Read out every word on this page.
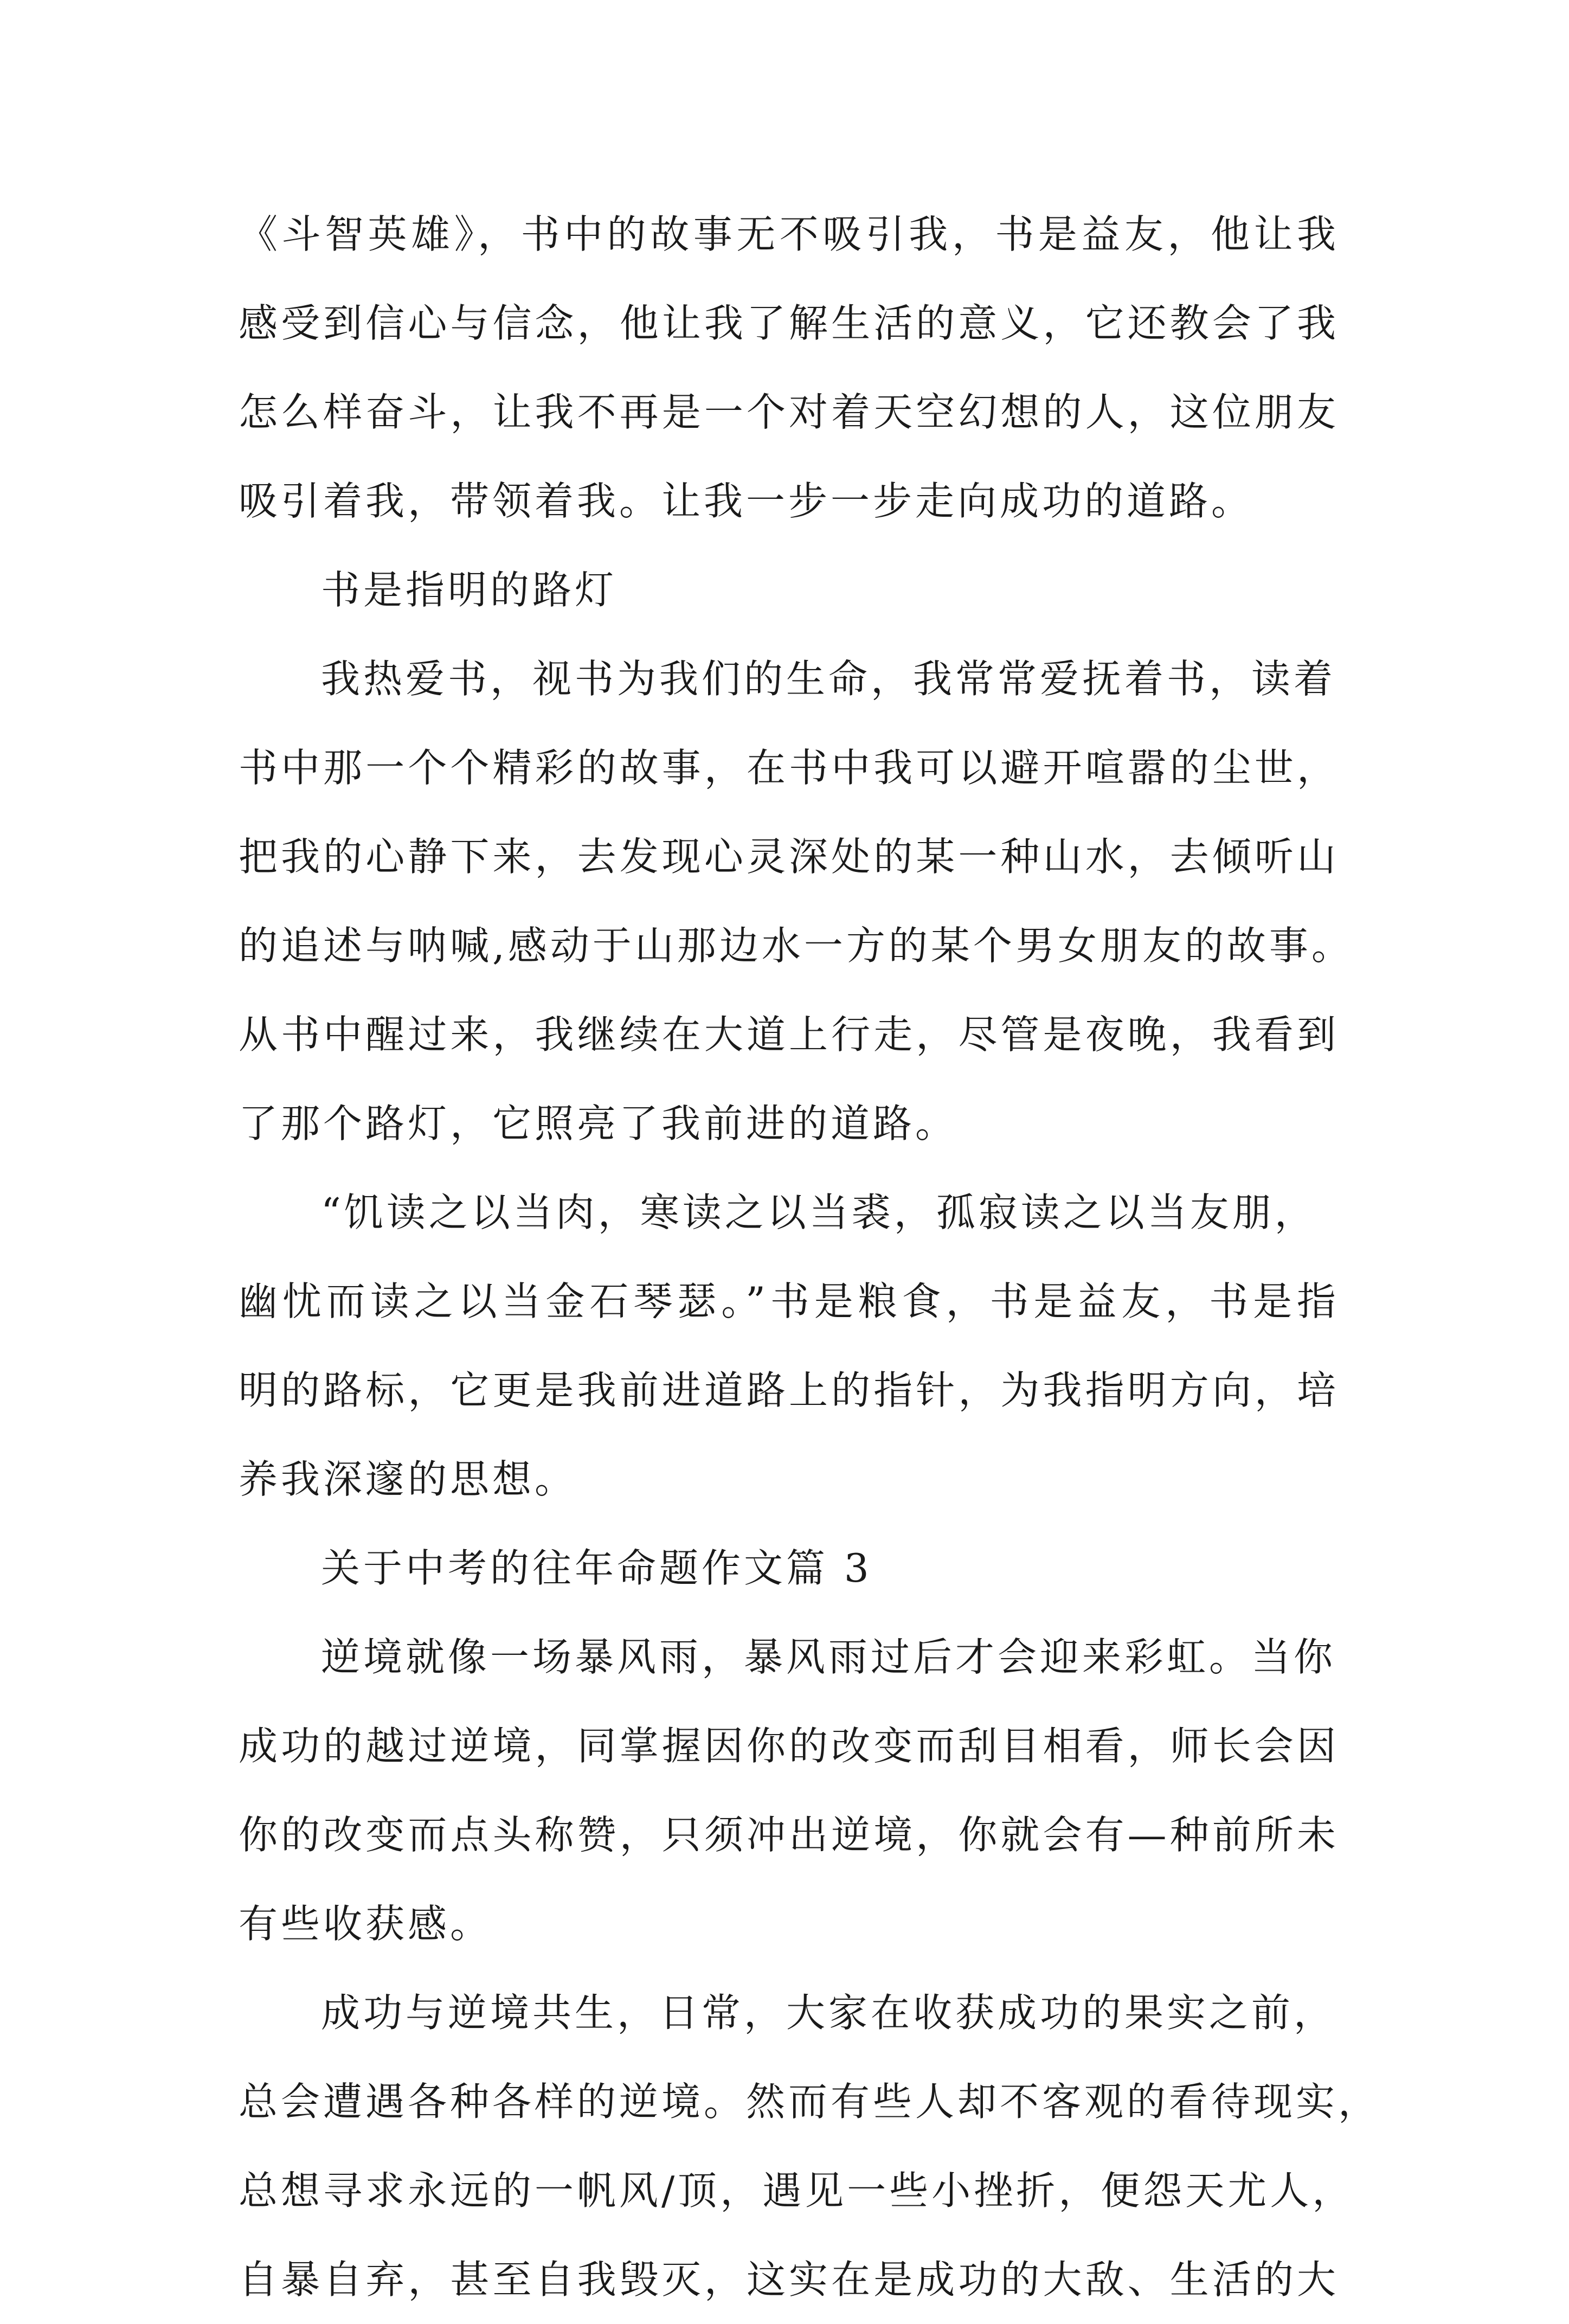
《斗智英雄》，书中的故事无不吸引我，书是益友，他让我
感受到信心与信念，他让我了解生活的意义，它还教会了我
怎么样奋斗，让我不再是一个对着天空幻想的人，这位朋友
吸引着我，带领着我。让我一步一步走向成功的道路。
书是指明的路灯
我热爱书，视书为我们的生命，我常常爱抚着书，读着
书中那一个个精彩的故事，在书中我可以避开喧嚣的尘世，
把我的心静下来，去发现心灵深处的某一种山水，去倾听山
的追述与呐喊,感动于山那边水一方的某个男女朋友的故事。
从书中醒过来，我继续在大道上行走，尽管是夜晚，我看到
了那个路灯，它照亮了我前进的道路。
“饥读之以当肉，寒读之以当裘，孤寂读之以当友朋，
幽忧而读之以当金石琴瑟。”书是粮食，书是益友，书是指
明的路标，它更是我前进道路上的指针，为我指明方向，培
养我深邃的思想。
关于中考的往年命题作文篇 3
逆境就像一场暴风雨，暴风雨过后才会迎来彩虹。当你
成功的越过逆境，同掌握因你的改变而刮目相看，师长会因
你的改变而点头称赞，只须冲出逆境，你就会有—种前所未
有些收获感。
成功与逆境共生，日常，大家在收获成功的果实之前，
总会遭遇各种各样的逆境。然而有些人却不客观的看待现实，
总想寻求永远的一帆风/顶，遇见一些小挫折，便怨天尤人，
自暴自弃，甚至自我毁灭，这实在是成功的大敌、生活的大
